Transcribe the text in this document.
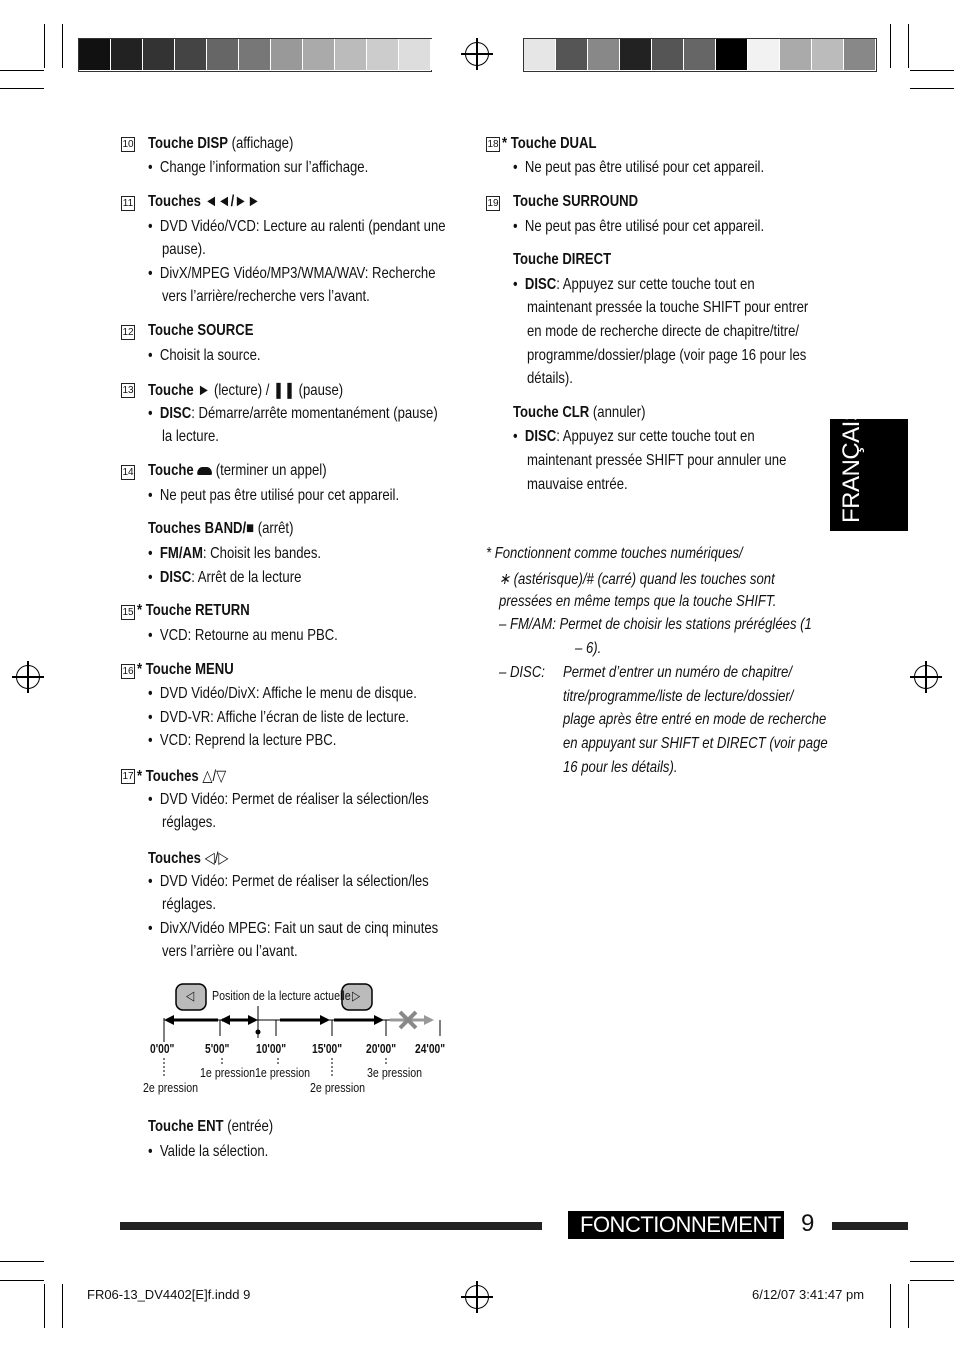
10 Touche DISP (affichage)
•  Change l’information sur l’affichage.
11 Touches ◄◄/►►
•  DVD Vidéo/VCD: Lecture au ralenti (pendant une
pause).
•  DivX/MPEG Vidéo/MP3/WMA/WAV: Recherche
vers l’arrière/recherche vers l’avant.
12 Touche SOURCE
•  Choisit la source.
13 Touche ► (lecture) / ❚❚ (pause)
•  DISC: Démarre/arrête momentanément (pause)
la lecture.
14 Touche  (terminer un appel)
•  Ne peut pas être utilisé pour cet appareil.
Touches BAND/■ (arrêt)
•  FM/AM: Choisit les bandes.
•  DISC: Arrêt de la lecture
15 * Touche RETURN
•  VCD: Retourne au menu PBC.
16 * Touche MENU
•  DVD Vidéo/DivX: Affiche le menu de disque.
•  DVD-VR: Affiche l’écran de liste de lecture.
•  VCD: Reprend la lecture PBC.
17 * Touches △/▽
•  DVD Vidéo: Permet de réaliser la sélection/les
réglages.
Touches ◁/▷
•  DVD Vidéo: Permet de réaliser la sélection/les
réglages.
•  DivX/Vidéo MPEG: Fait un saut de cinq minutes
vers l’arrière ou l’avant.
◁	▷
Position de la lecture actuelle
0'00" 5'00" 10'00" 15'00" 20'00" 24'00"
2e pression
1e pression 1e pression
2e pression
3e pression
Touche ENT (entrée)
•  Valide la sélection.
18 * Touche DUAL
•  Ne peut pas être utilisé pour cet appareil.
19 Touche SURROUND
•  Ne peut pas être utilisé pour cet appareil.
Touche DIRECT
•  DISC: Appuyez sur cette touche tout en
maintenant pressée la touche SHIFT pour entrer
en mode de recherche directe de chapitre/titre/
programme/dossier/plage (voir page 16 pour les
détails).
Touche CLR (annuler)
•  DISC: Appuyez sur cette touche tout en
maintenant pressée SHIFT pour annuler une
mauvaise entrée.
* Fonctionnent comme touches numériques/
∗ (astérisque)/# (carré) quand les touches sont
pressées en même temps que la touche SHIFT.
– FM/AM: Permet de choisir les stations préréglées (1
– 6).
– DISC: Permet d’entrer un numéro de chapitre/
titre/programme/liste de lecture/dossier/
plage après être entré en mode de recherche
en appuyant sur SHIFT et DIRECT (voir page
16 pour les détails).
FRANÇAIS
FONCTIONNEMENT 9
FR06-13_DV4402[E]f.indd 9	6/12/07 3:41:47 pm
